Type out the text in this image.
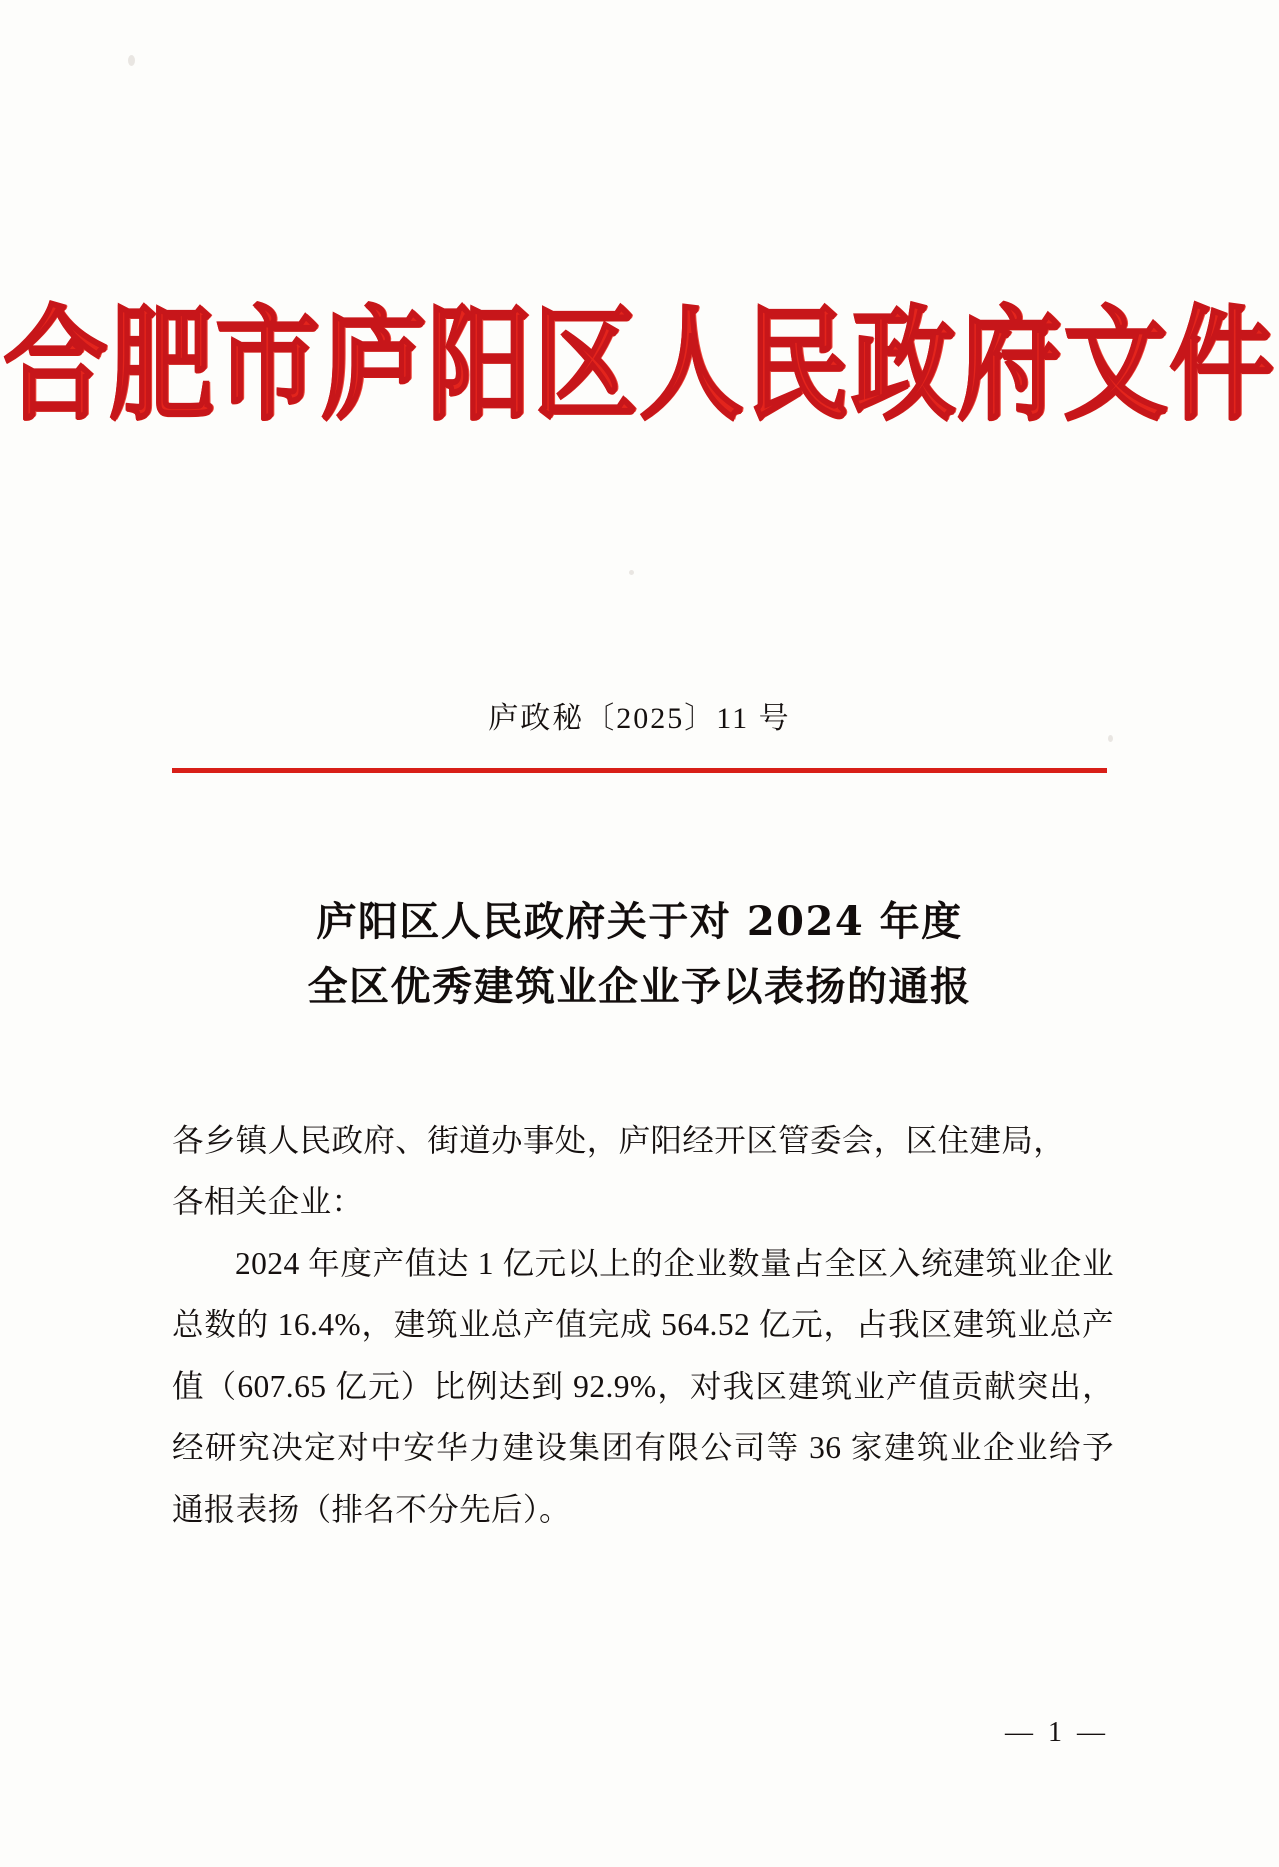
合肥市庐阳区人民政府文件
庐政秘〔2025〕11 号
庐阳区人民政府关于对 2024 年度
全区优秀建筑业企业予以表扬的通报

各乡镇人民政府、街道办事处，庐阳经开区管委会，区住建局，

各相关企业：

2024 年度产值达 1 亿元以上的企业数量占全区入统建筑业企业总数的 16.4%，建筑业总产值完成 564.52 亿元，占我区建筑业总产值（607.65 亿元）比例达到 92.9%，对我区建筑业产值贡献突出，经研究决定对中安华力建设集团有限公司等 36 家建筑业企业给予通报表扬（排名不分先后）。

— 1 —
